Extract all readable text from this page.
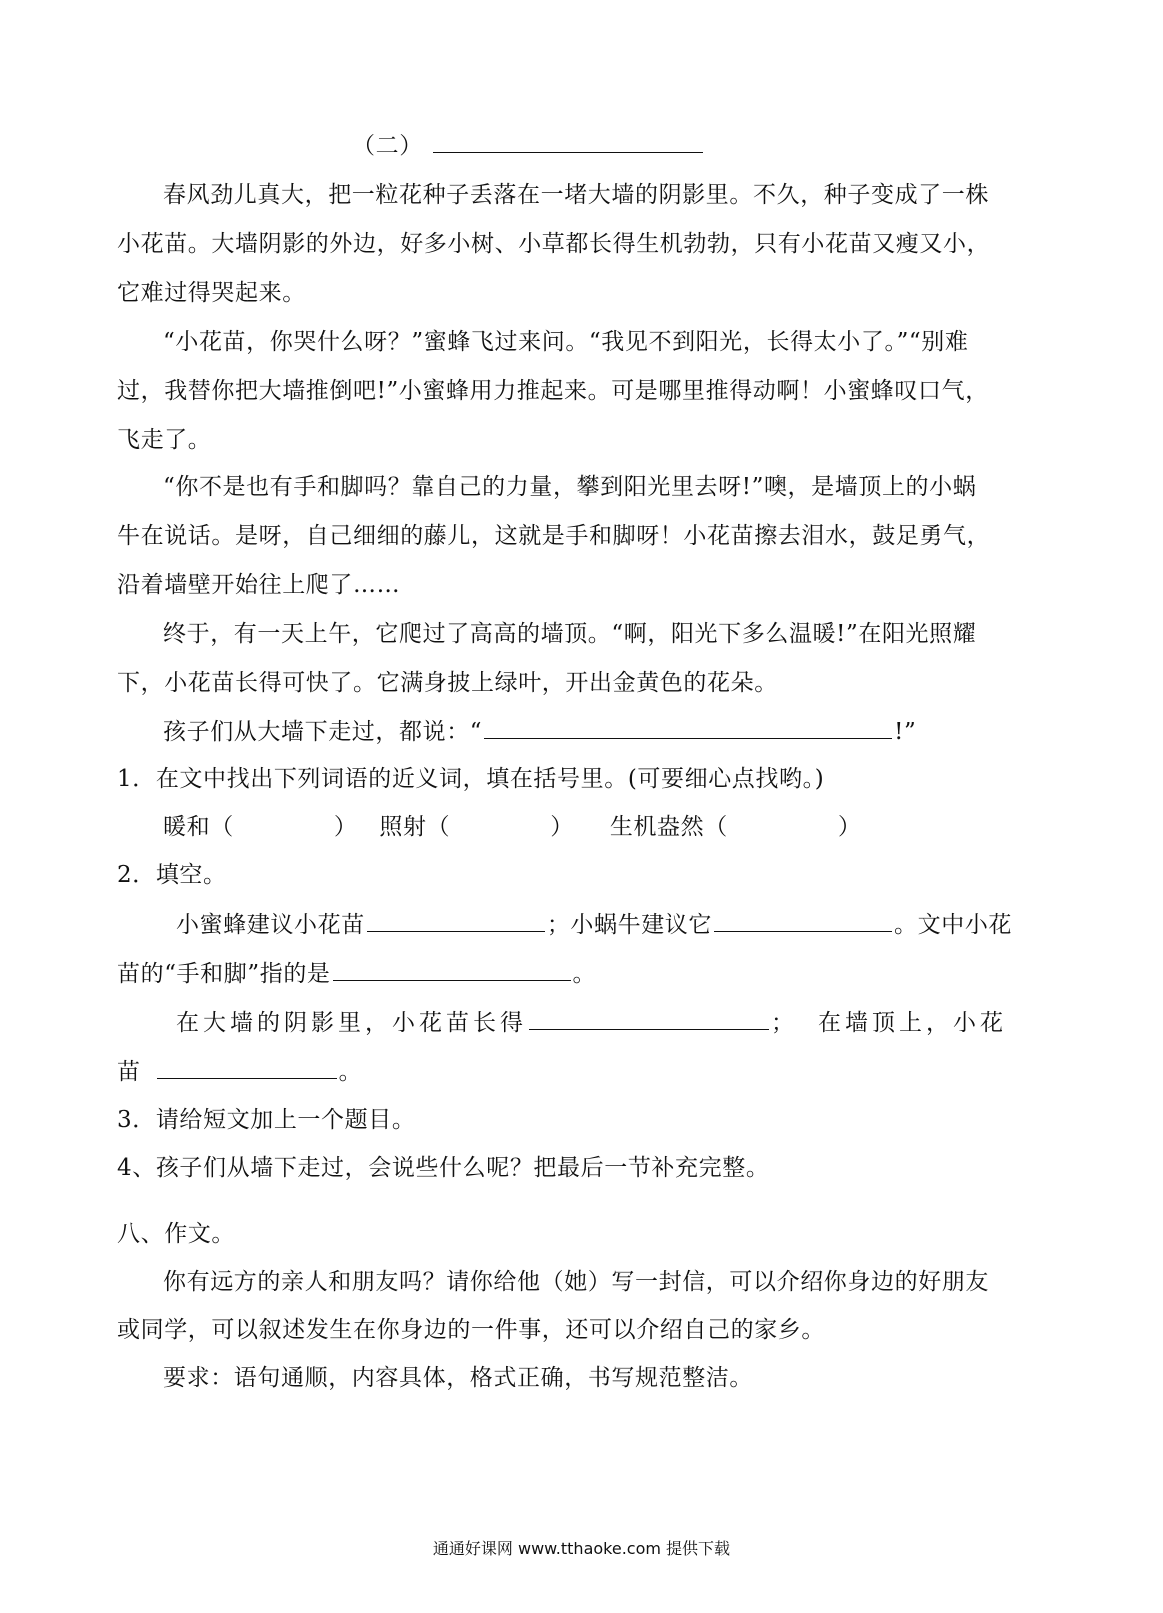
（二）
春风劲儿真大，把一粒花种子丢落在一堵大墙的阴影里。不久，种子变成了一株
小花苗。大墙阴影的外边，好多小树、小草都长得生机勃勃，只有小花苗又瘦又小，
它难过得哭起来。
“小花苗，你哭什么呀？”蜜蜂飞过来问。“我见不到阳光，长得太小了。”“别难
过，我替你把大墙推倒吧!”小蜜蜂用力推起来。可是哪里推得动啊！小蜜蜂叹口气，
飞走了。
“你不是也有手和脚吗？靠自己的力量，攀到阳光里去呀!”噢，是墙顶上的小蜗
牛在说话。是呀，自己细细的藤儿，这就是手和脚呀！小花苗擦去泪水，鼓足勇气，
沿着墙壁开始往上爬了……
终于，有一天上午，它爬过了高高的墙顶。“啊，阳光下多么温暖!”在阳光照耀
下，小花苗长得可快了。它满身披上绿叶，开出金黄色的花朵。
孩子们从大墙下走过，都说：“	!”
1．在文中找出下列词语的近义词，填在括号里。(可要细心点找哟。)
暖和（	） 照射（	） 生机盎然（	）
2．填空。
小蜜蜂建议小花苗	；小蜗牛建议它	。文中小花
苗的“手和脚”指的是	。
在大墙的阴影里，小花苗长得	； 在墙顶上，小花
苗	。
3．请给短文加上一个题目。
4、孩子们从墙下走过，会说些什么呢？把最后一节补充完整。
八、作文。
你有远方的亲人和朋友吗？请你给他（她）写一封信，可以介绍你身边的好朋友
或同学，可以叙述发生在你身边的一件事，还可以介绍自己的家乡。
要求：语句通顺，内容具体，格式正确，书写规范整洁。
通通好课网 www.tthaoke.com 提供下载
